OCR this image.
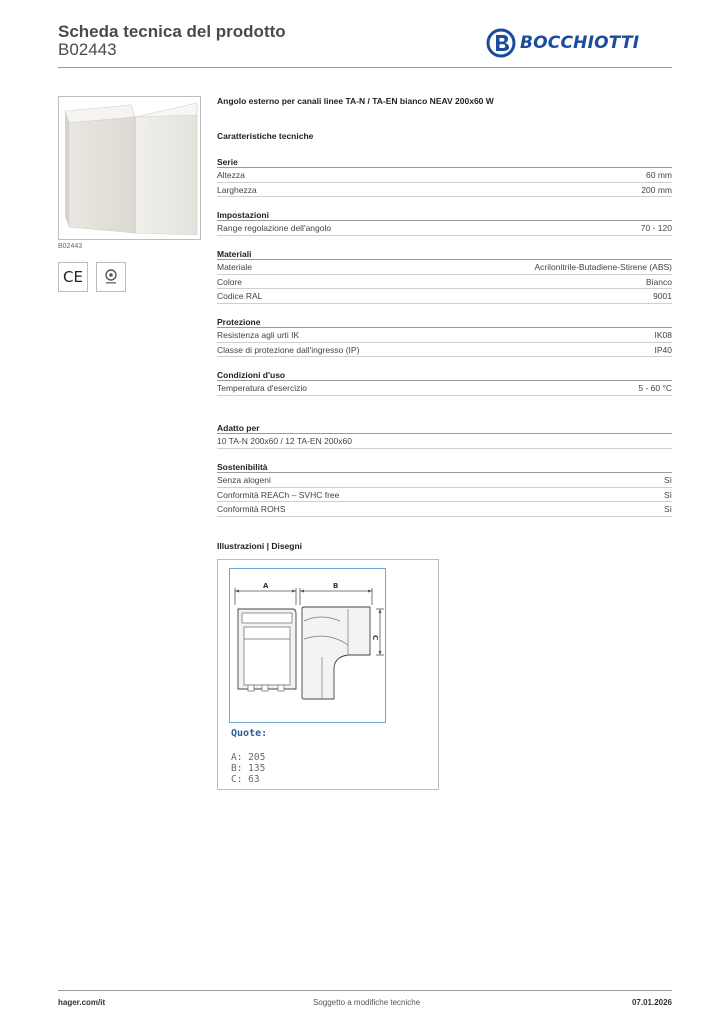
Scheda tecnica del prodotto
B02443	BOCCHIOTTI
B02443
CE
Angolo esterno per canali linee TA-N / TA-EN bianco NEAV 200x60 W
Caratteristiche tecniche
Serie
Altezza	60 mm
Larghezza	200 mm
Impostazioni
Range regolazione dell'angolo	70 - 120
Materiali
Materiale	Acrilonitrile-Butadiene-Stirene (ABS)
Colore	Bianco
Codice RAL	9001
Protezione
Resistenza agli urti IK	IK08
Classe di protezione dall'ingresso (IP)	IP40
Condizioni d'uso
Temperatura d'esercizio	5 - 60 °C
Adatto per
10 TA-N 200x60 / 12 TA-EN 200x60
Sostenibilità
Senza alogeni	Sì
Conformità REACh – SVHC free	Sì
Conformità ROHS	Sì
Illustrazioni | Disegni
A	B
C
Quote:
A: 205
B: 135
C: 63
hager.com/it	Soggetto a modifiche tecniche	07.01.2026
